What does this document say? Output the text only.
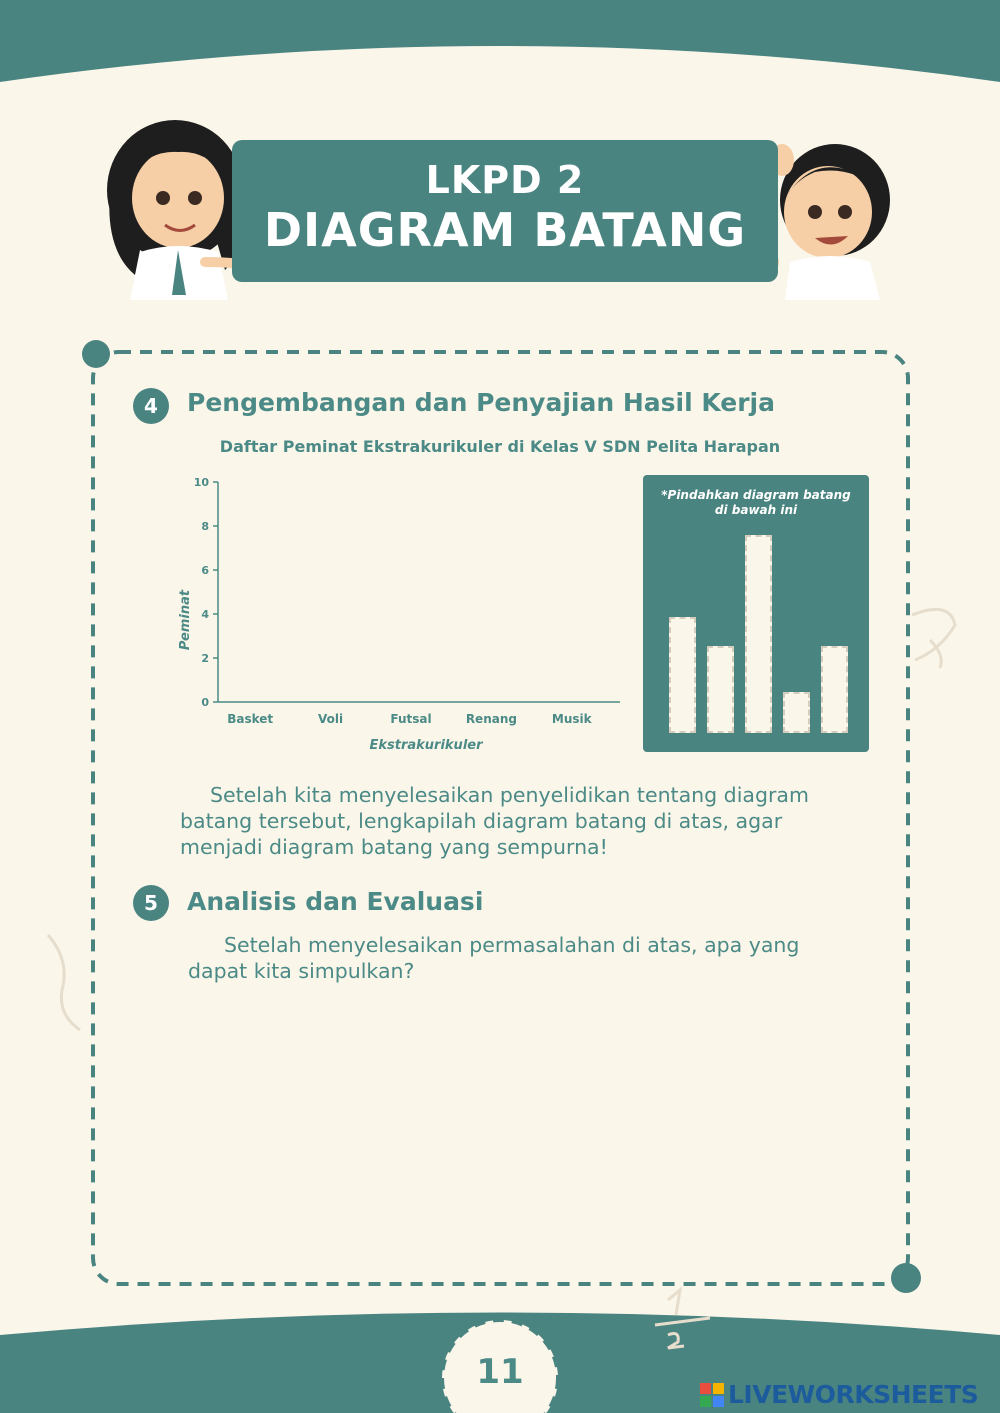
LKPD 2
DIAGRAM BATANG
4	Pengembangan dan Penyajian Hasil Kerja
Daftar Peminat Ekstrakurikuler di Kelas V SDN Pelita Harapan
0
2
4
6
8
10
Basket	Voli	Futsal	Renang	Musik
Peminat
Ekstrakurikuler
*Pindahkan diagram batang
di bawah ini
Setelah kita menyelesaikan penyelidikan tentang diagram
batang tersebut, lengkapilah diagram batang di atas, agar
menjadi diagram batang yang sempurna!
5	Analisis dan Evaluasi
Setelah menyelesaikan permasalahan di atas, apa yang
dapat kita simpulkan?
11
LIVEWORKSHEETS
